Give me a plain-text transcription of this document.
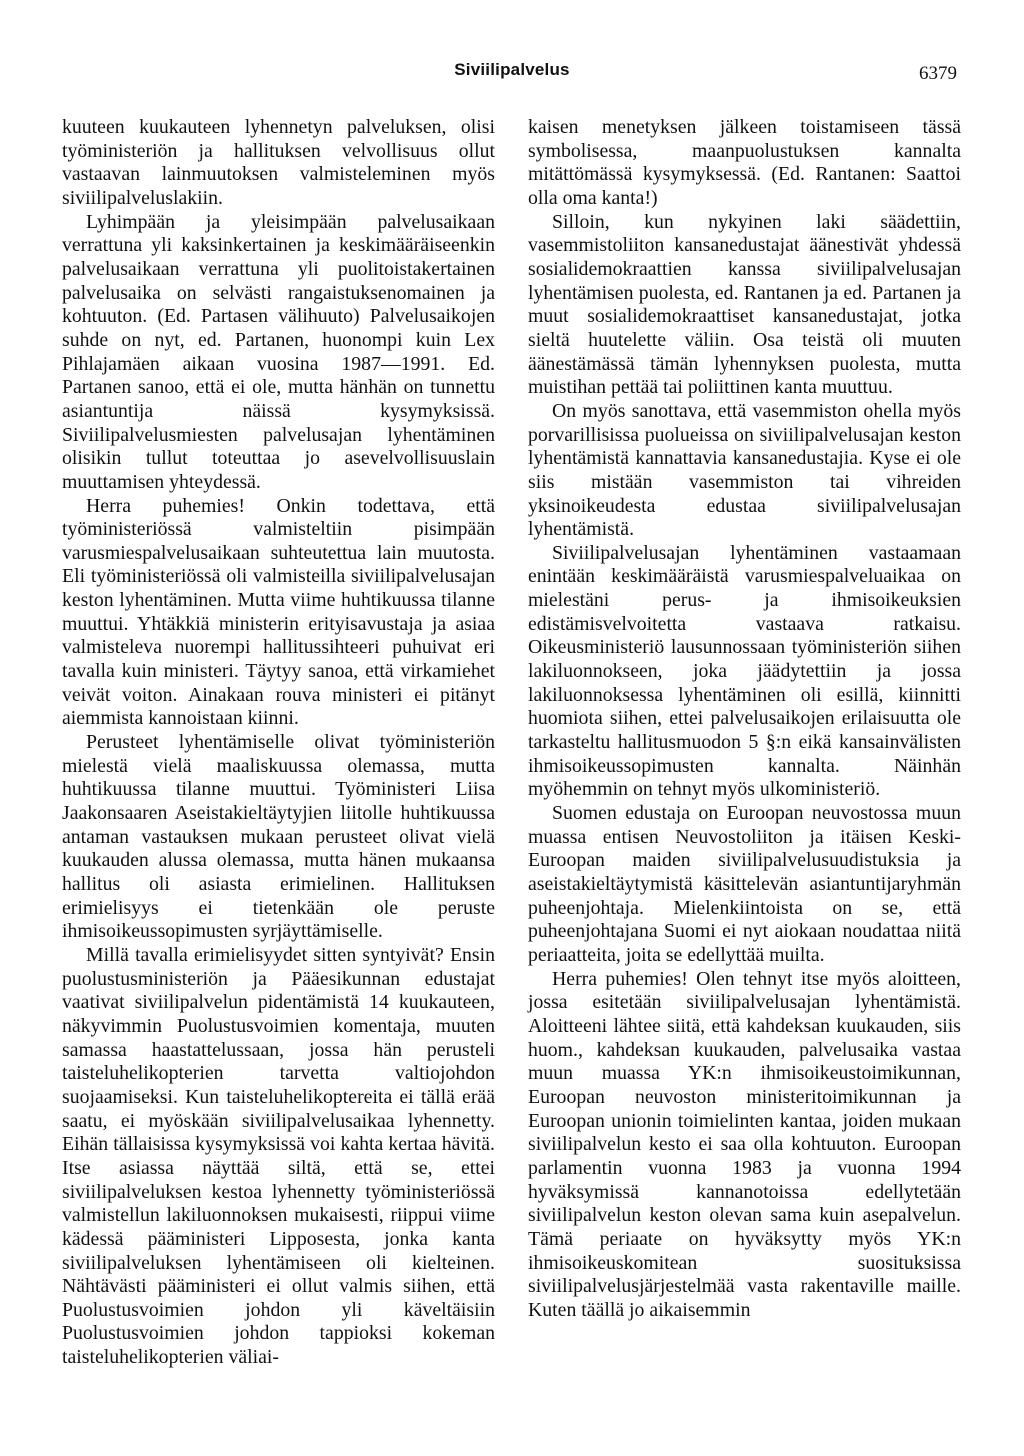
Siviilipalvelus	6379

kuuteen kuukauteen lyhennetyn palveluksen, olisi työministeriön ja hallituksen velvollisuus ollut vastaavan lainmuutoksen valmisteleminen myös siviilipalveluslakiin.

Lyhimpään ja yleisimpään palvelusaikaan verrattuna yli kaksinkertainen ja keskimääräiseenkin palvelusaikaan verrattuna yli puolitoistakertainen palvelusaika on selvästi rangaistuksenomainen ja kohtuuton. (Ed. Partasen välihuuto) Palvelusaikojen suhde on nyt, ed. Partanen, huonompi kuin Lex Pihlajamäen aikaan vuosina 1987—1991. Ed. Partanen sanoo, että ei ole, mutta hänhän on tunnettu asiantuntija näissä kysymyksissä. Siviilipalvelusmiesten palvelusajan lyhentäminen olisikin tullut toteuttaa jo asevelvollisuuslain muuttamisen yhteydessä.

Herra puhemies! Onkin todettava, että työministeriössä valmisteltiin pisimpään varusmiespalvelusaikaan suhteutettua lain muutosta. Eli työministeriössä oli valmisteilla siviilipalvelusajan keston lyhentäminen. Mutta viime huhtikuussa tilanne muuttui. Yhtäkkiä ministerin erityisavustaja ja asiaa valmisteleva nuorempi hallitussihteeri puhuivat eri tavalla kuin ministeri. Täytyy sanoa, että virkamiehet veivät voiton. Ainakaan rouva ministeri ei pitänyt aiemmista kannoistaan kiinni.

Perusteet lyhentämiselle olivat työministeriön mielestä vielä maaliskuussa olemassa, mutta huhtikuussa tilanne muuttui. Työministeri Liisa Jaakonsaaren Aseistakieltäytyjien liitolle huhtikuussa antaman vastauksen mukaan perusteet olivat vielä kuukauden alussa olemassa, mutta hänen mukaansa hallitus oli asiasta erimielinen. Hallituksen erimielisyys ei tietenkään ole peruste ihmisoikeussopimusten syrjäyttämiselle.

Millä tavalla erimielisyydet sitten syntyivät? Ensin puolustusministeriön ja Pääesikunnan edustajat vaativat siviilipalvelun pidentämistä 14 kuukauteen, näkyvimmin Puolustusvoimien komentaja, muuten samassa haastattelussaan, jossa hän perusteli taisteluhelikopterien tarvetta valtiojohdon suojaamiseksi. Kun taisteluhelikoptereita ei tällä erää saatu, ei myöskään siviilipalvelusaikaa lyhennetty. Eihän tällaisissa kysymyksissä voi kahta kertaa hävitä. Itse asiassa näyttää siltä, että se, ettei siviilipalveluksen kestoa lyhennetty työministeriössä valmistellun lakiluonnoksen mukaisesti, riippui viime kädessä pääministeri Lipposesta, jonka kanta siviilipalveluksen lyhentämiseen oli kielteinen. Nähtävästi pääministeri ei ollut valmis siihen, että Puolustusvoimien johdon yli käveltäisiin Puolustusvoimien johdon tappioksi kokeman taisteluhelikopterien väliai-

kaisen menetyksen jälkeen toistamiseen tässä symbolisessa, maanpuolustuksen kannalta mitättömässä kysymyksessä. (Ed. Rantanen: Saattoi olla oma kanta!)

Silloin, kun nykyinen laki säädettiin, vasemmistoliiton kansanedustajat äänestivät yhdessä sosialidemokraattien kanssa siviilipalvelusajan lyhentämisen puolesta, ed. Rantanen ja ed. Partanen ja muut sosialidemokraattiset kansanedustajat, jotka sieltä huutelette väliin. Osa teistä oli muuten äänestämässä tämän lyhennyksen puolesta, mutta muistihan pettää tai poliittinen kanta muuttuu.

On myös sanottava, että vasemmiston ohella myös porvarillisissa puolueissa on siviilipalvelusajan keston lyhentämistä kannattavia kansanedustajia. Kyse ei ole siis mistään vasemmiston tai vihreiden yksinoikeudesta edustaa siviilipalvelusajan lyhentämistä.

Siviilipalvelusajan lyhentäminen vastaamaan enintään keskimääräistä varusmiespalveluaikaa on mielestäni perus- ja ihmisoikeuksien edistämisvelvoitetta vastaava ratkaisu. Oikeusministeriö lausunnossaan työministeriön siihen lakiluonnokseen, joka jäädytettiin ja jossa lakiluonnoksessa lyhentäminen oli esillä, kiinnitti huomiota siihen, ettei palvelusaikojen erilaisuutta ole tarkasteltu hallitusmuodon 5 §:n eikä kansainvälisten ihmisoikeussopimusten kannalta. Näinhän myöhemmin on tehnyt myös ulkoministeriö.

Suomen edustaja on Euroopan neuvostossa muun muassa entisen Neuvostoliiton ja itäisen Keski-Euroopan maiden siviilipalvelusuudistuksia ja aseistakieltäytymistä käsittelevän asiantuntijaryhmän puheenjohtaja. Mielenkiintoista on se, että puheenjohtajana Suomi ei nyt aiokaan noudattaa niitä periaatteita, joita se edellyttää muilta.

Herra puhemies! Olen tehnyt itse myös aloitteen, jossa esitetään siviilipalvelusajan lyhentämistä. Aloitteeni lähtee siitä, että kahdeksan kuukauden, siis huom., kahdeksan kuukauden, palvelusaika vastaa muun muassa YK:n ihmisoikeustoimikunnan, Euroopan neuvoston ministeritoimikunnan ja Euroopan unionin toimielinten kantaa, joiden mukaan siviilipalvelun kesto ei saa olla kohtuuton. Euroopan parlamentin vuonna 1983 ja vuonna 1994 hyväksymissä kannanotoissa edellytetään siviilipalvelun keston olevan sama kuin asepalvelun. Tämä periaate on hyväksytty myös YK:n ihmisoikeuskomitean suosituksissa siviilipalvelusjärjestelmää vasta rakentaville maille. Kuten täällä jo aikaisemmin
